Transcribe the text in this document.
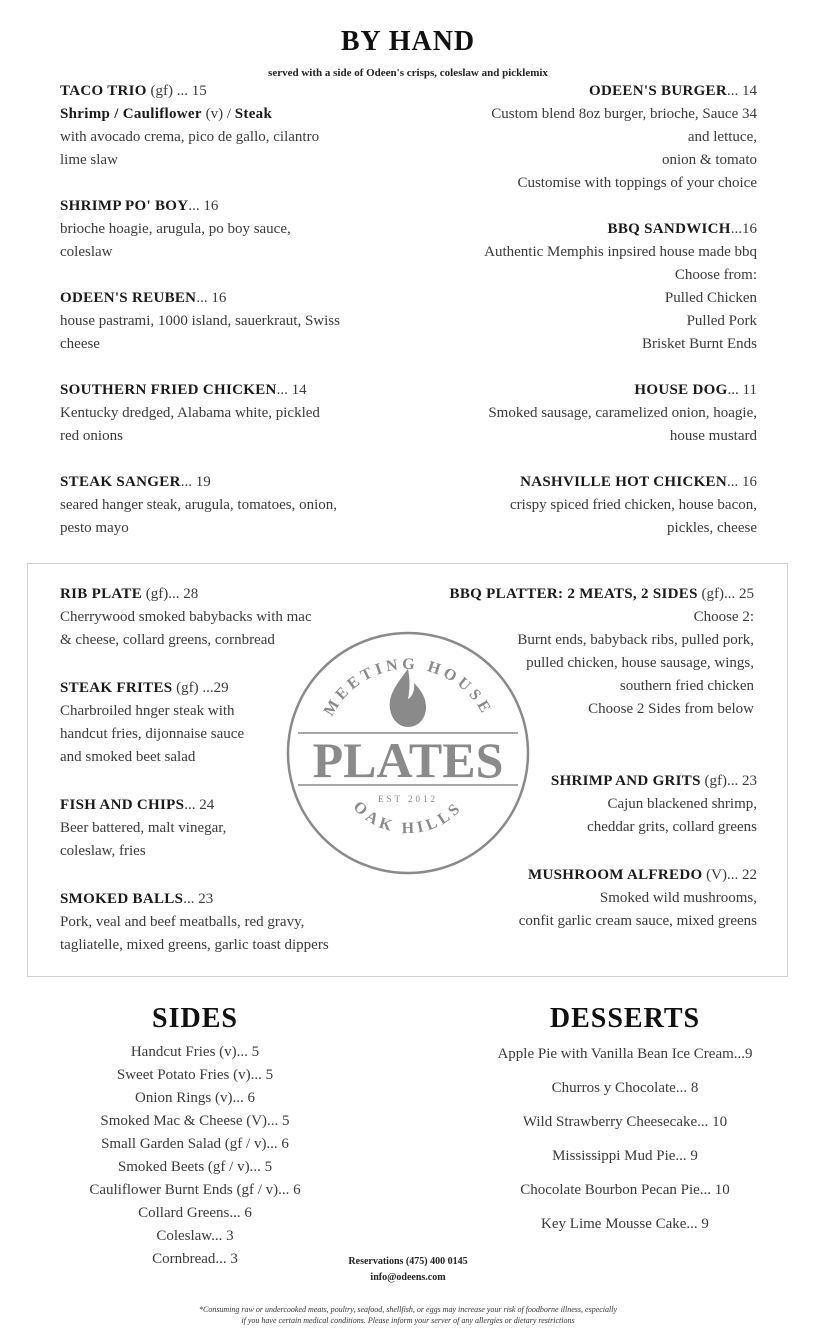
BY HAND
served with a side of Odeen's crisps, coleslaw and picklemix
TACO TRIO (gf) ... 15
Shrimp / Cauliflower (v) / Steak
with avocado crema, pico de gallo, cilantro
lime slaw
SHRIMP PO' BOY... 16
brioche hoagie, arugula, po boy sauce,
coleslaw
ODEEN'S REUBEN... 16
house pastrami, 1000 island, sauerkraut, Swiss
cheese
SOUTHERN FRIED CHICKEN... 14
Kentucky dredged, Alabama white, pickled
red onions
STEAK SANGER... 19
seared hanger steak, arugula, tomatoes, onion,
pesto mayo
ODEEN'S BURGER... 14
Custom blend 8oz burger, brioche, Sauce 34
and lettuce,
onion & tomato
Customise with toppings of your choice
BBQ SANDWICH...16
Authentic Memphis inpsired house made bbq
Choose from:
Pulled Chicken
Pulled Pork
Brisket Burnt Ends
HOUSE DOG... 11
Smoked sausage, caramelized onion, hoagie,
house mustard
NASHVILLE HOT CHICKEN... 16
crispy spiced fried chicken, house bacon,
pickles, cheese
MEETING HOUSE
PLATES
EST 2012
OAK HILLS
RIB PLATE (gf)... 28
Cherrywood smoked babybacks with mac
& cheese, collard greens, cornbread
STEAK FRITES (gf) ...29
Charbroiled hnger steak with
handcut fries, dijonnaise sauce
and smoked beet salad
FISH AND CHIPS... 24
Beer battered, malt vinegar,
coleslaw, fries
SMOKED BALLS... 23
Pork, veal and beef meatballs, red gravy,
tagliatelle, mixed greens, garlic toast dippers
BBQ PLATTER: 2 MEATS, 2 SIDES (gf)... 25
Choose 2:
Burnt ends, babyback ribs, pulled pork,
pulled chicken, house sausage, wings,
southern fried chicken
Choose 2 Sides from below
SHRIMP AND GRITS (gf)... 23
Cajun blackened shrimp,
cheddar grits, collard greens
MUSHROOM ALFREDO (V)... 22
Smoked wild mushrooms,
confit garlic cream sauce, mixed greens
SIDES
Handcut Fries (v)... 5
Sweet Potato Fries (v)... 5
Onion Rings (v)... 6
Smoked Mac & Cheese (V)... 5
Small Garden Salad (gf / v)... 6
Smoked Beets (gf / v)... 5
Cauliflower Burnt Ends (gf / v)... 6
Collard Greens... 6
Coleslaw... 3
Cornbread... 3
DESSERTS
Apple Pie with Vanilla Bean Ice Cream...9
Churros y Chocolate... 8
Wild Strawberry Cheesecake... 10
Mississippi Mud Pie... 9
Chocolate Bourbon Pecan Pie... 10
Key Lime Mousse Cake... 9
Reservations (475) 400 0145
info@odeens.com
*Consuming raw or undercooked meats, poultry, seafood, shellfish, or eggs may increase your risk of foodborne illness, especially
if you have certain medical conditions. Please inform your server of any allergies or dietary restrictions
